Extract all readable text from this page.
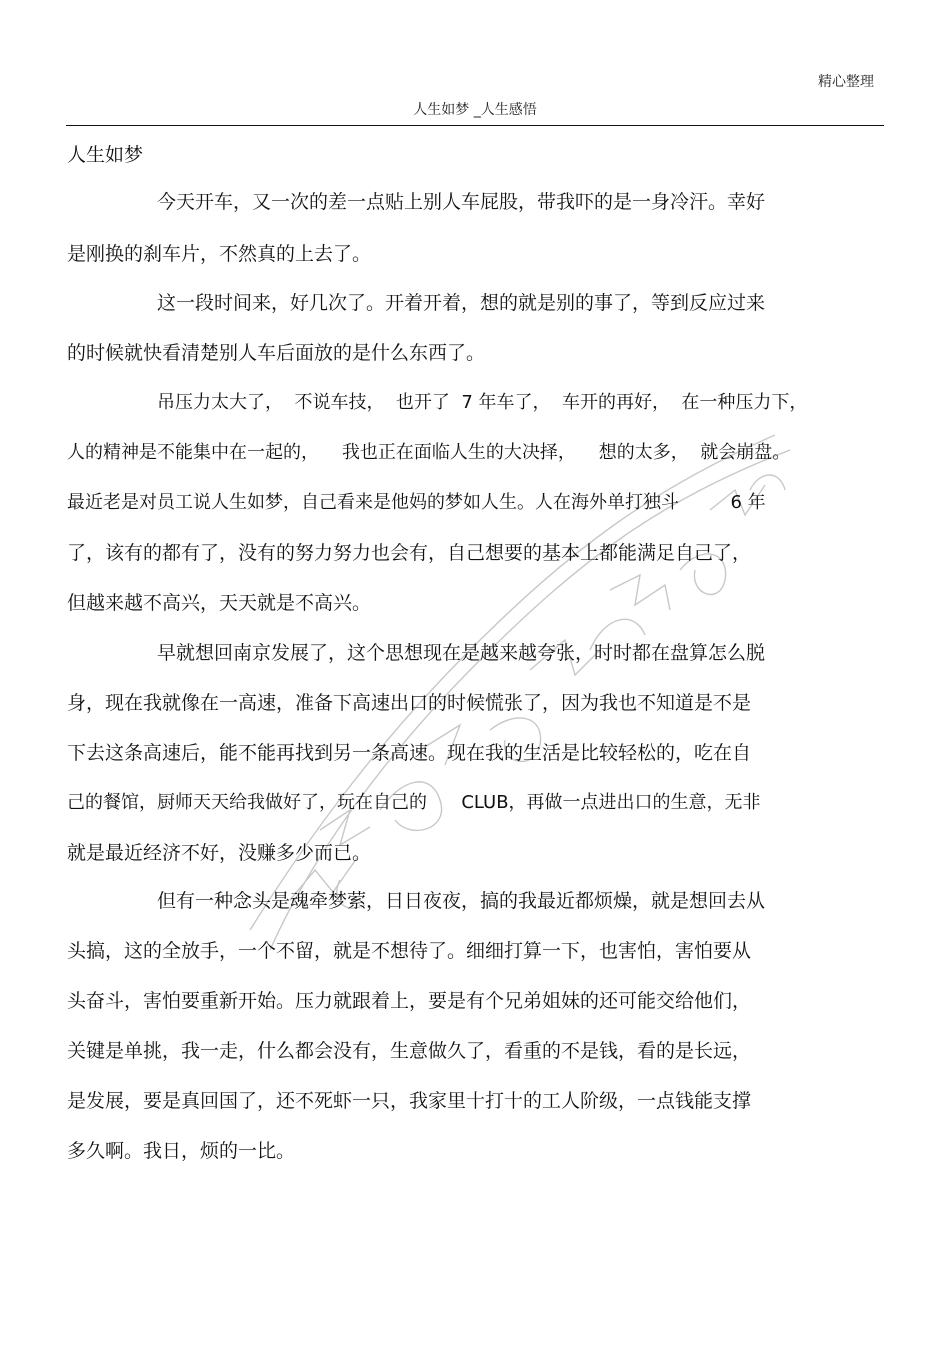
精心整理
人生如梦 _人生感悟
人生如梦
今天开车，又一次的差一点贴上别人车屁股，带我吓的是一身冷汗。幸好
是刚换的刹车片，不然真的上去了。
这一段时间来，好几次了。开着开着，想的就是别的事了，等到反应过来
的时候就快看清楚别人车后面放的是什么东西了。
吊压力太大了，  不说车技，  也开了  7 年车了，  车开的再好，  在一种压力下，
人的精神是不能集中在一起的，    我也正在面临人生的大决择，    想的太多，  就会崩盘。
最近老是对员工说人生如梦，自己看来是他妈的梦如人生。人在海外单打独斗         6 年
了，该有的都有了，没有的努力努力也会有，自己想要的基本上都能满足自己了，
但越来越不高兴，天天就是不高兴。
早就想回南京发展了，这个思想现在是越来越夸张，时时都在盘算怎么脱
身，现在我就像在一高速，准备下高速出口的时候慌张了，因为我也不知道是不是
下去这条高速后，能不能再找到另一条高速。现在我的生活是比较轻松的，吃在自
己的餐馆，厨师天天给我做好了，玩在自己的      CLUB，再做一点进出口的生意，无非
就是最近经济不好，没赚多少而已。
但有一种念头是魂牵梦萦，日日夜夜，搞的我最近都烦燥，就是想回去从
头搞，这的全放手，一个不留，就是不想待了。细细打算一下，也害怕，害怕要从
头奋斗，害怕要重新开始。压力就跟着上，要是有个兄弟姐妹的还可能交给他们，
关键是单挑，我一走，什么都会没有，生意做久了，看重的不是钱，看的是长远，
是发展，要是真回国了，还不死虾一只，我家里十打十的工人阶级，一点钱能支撑
多久啊。我日，烦的一比。
